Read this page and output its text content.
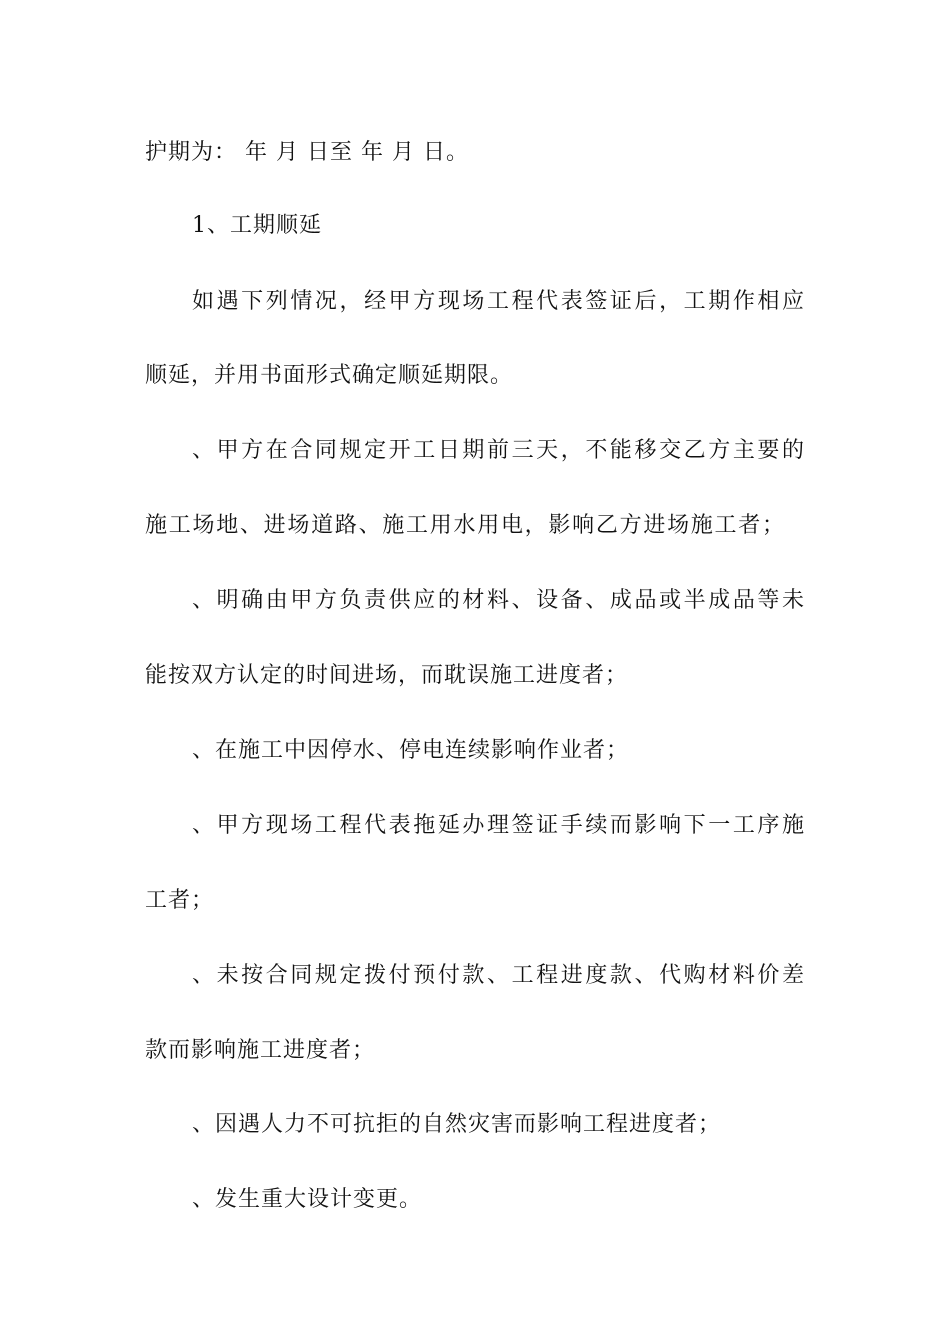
护期为： 年 月 日至 年 月 日。
1、工期顺延
如遇下列情况，经甲方现场工程代表签证后，工期作相应
顺延，并用书面形式确定顺延期限。
、甲方在合同规定开工日期前三天，不能移交乙方主要的
施工场地、进场道路、施工用水用电，影响乙方进场施工者；
、明确由甲方负责供应的材料、设备、成品或半成品等未
能按双方认定的时间进场，而耽误施工进度者；
、在施工中因停水、停电连续影响作业者；
、甲方现场工程代表拖延办理签证手续而影响下一工序施
工者；
、未按合同规定拨付预付款、工程进度款、代购材料价差
款而影响施工进度者；
、因遇人力不可抗拒的自然灾害而影响工程进度者；
、发生重大设计变更。
